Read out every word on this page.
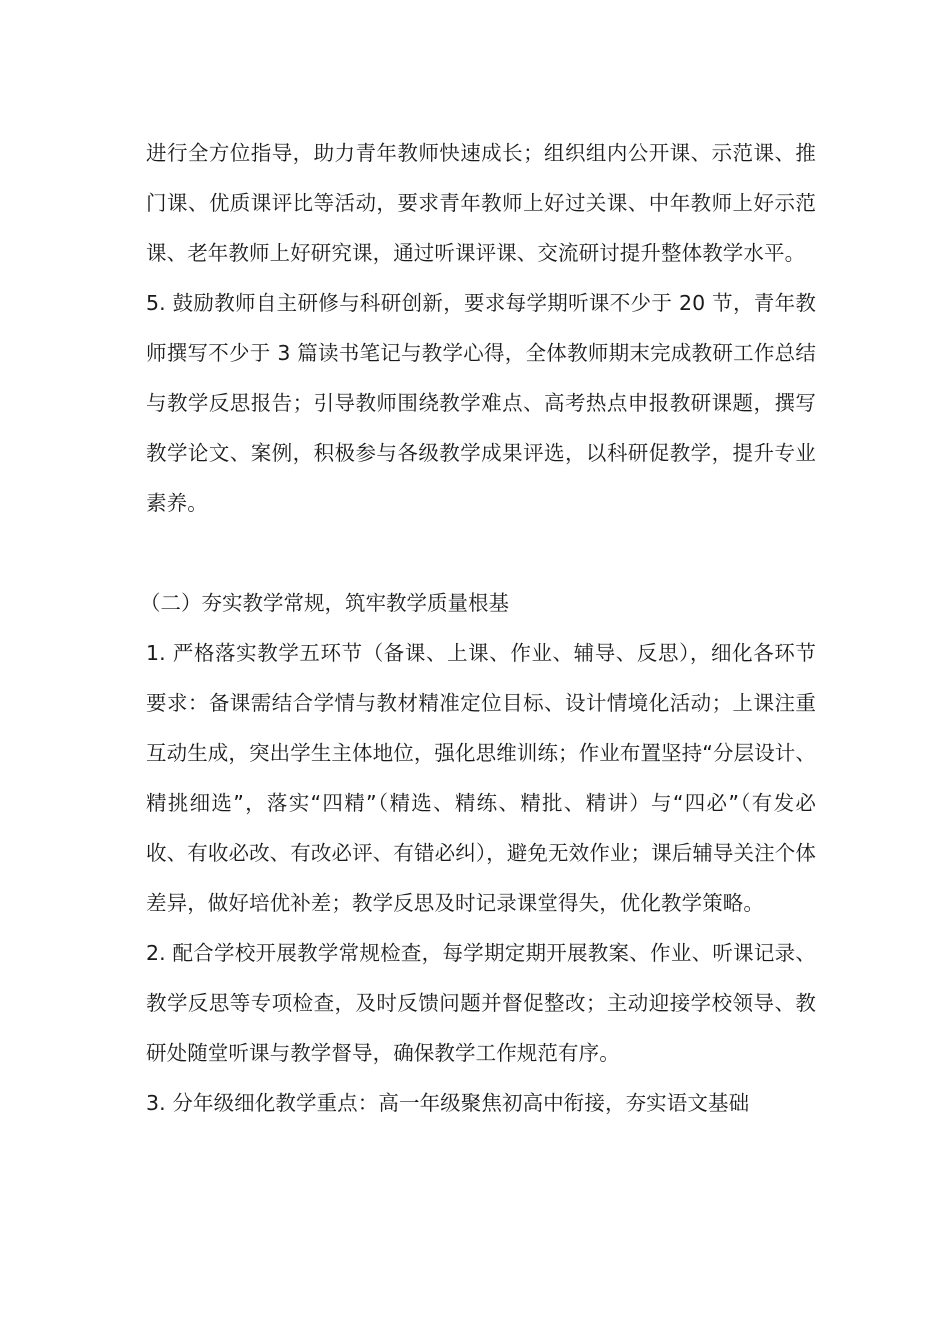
进行全方位指导，助力青年教师快速成长；组织组内公开课、示范课、推门课、优质课评比等活动，要求青年教师上好过关课、中年教师上好示范课、老年教师上好研究课，通过听课评课、交流研讨提升整体教学水平。

5. 鼓励教师自主研修与科研创新，要求每学期听课不少于 20 节，青年教师撰写不少于 3 篇读书笔记与教学心得，全体教师期末完成教研工作总结与教学反思报告；引导教师围绕教学难点、高考热点申报教研课题，撰写教学论文、案例，积极参与各级教学成果评选，以科研促教学，提升专业素养。

（二）夯实教学常规，筑牢教学质量根基

1. 严格落实教学五环节（备课、上课、作业、辅导、反思），细化各环节要求：备课需结合学情与教材精准定位目标、设计情境化活动；上课注重互动生成，突出学生主体地位，强化思维训练；作业布置坚持“分层设计、精挑细选”，落实“四精”（精选、精练、精批、精讲）与“四必”（有发必收、有收必改、有改必评、有错必纠），避免无效作业；课后辅导关注个体差异，做好培优补差；教学反思及时记录课堂得失，优化教学策略。

2. 配合学校开展教学常规检查，每学期定期开展教案、作业、听课记录、教学反思等专项检查，及时反馈问题并督促整改；主动迎接学校领导、教研处随堂听课与教学督导，确保教学工作规范有序。

3. 分年级细化教学重点：高一年级聚焦初高中衔接，夯实语文基础
